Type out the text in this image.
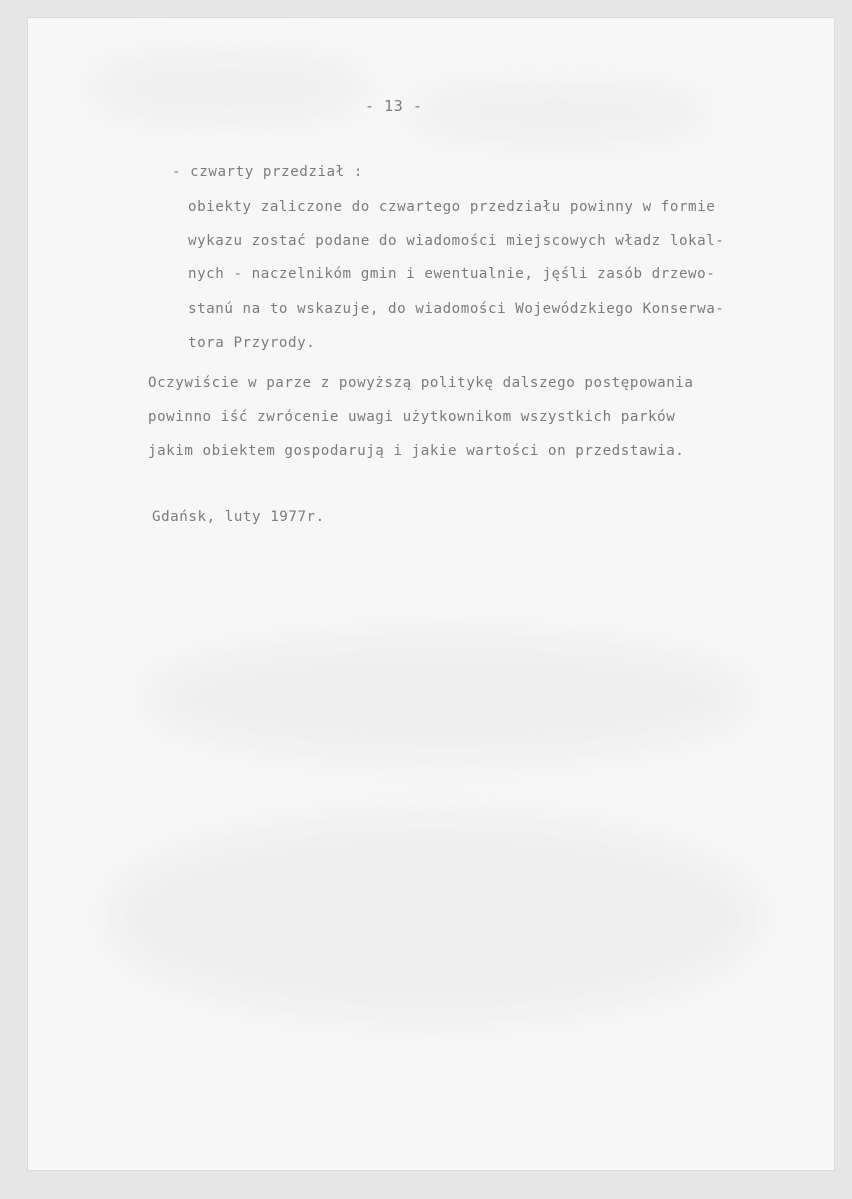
- 13 -

- czwarty przedział :

obiekty zaliczone do czwartego przedziału powinny w formie

wykazu zostać podane do wiadomości miejscowych władz lokal-

nych - naczelnikóm gmin i ewentualnie, jęśli zasób drzewo-

stanú na to wskazuje, do wiadomości Wojewódzkiego Konserwa-

tora Przyrody.

Oczywiście w parze z powyższą politykę dalszego postępowania

powinno iść zwrócenie uwagi użytkownikom wszystkich parków

jakim obiektem gospodarują i jakie wartości on przedstawia.

Gdańsk, luty 1977r.
